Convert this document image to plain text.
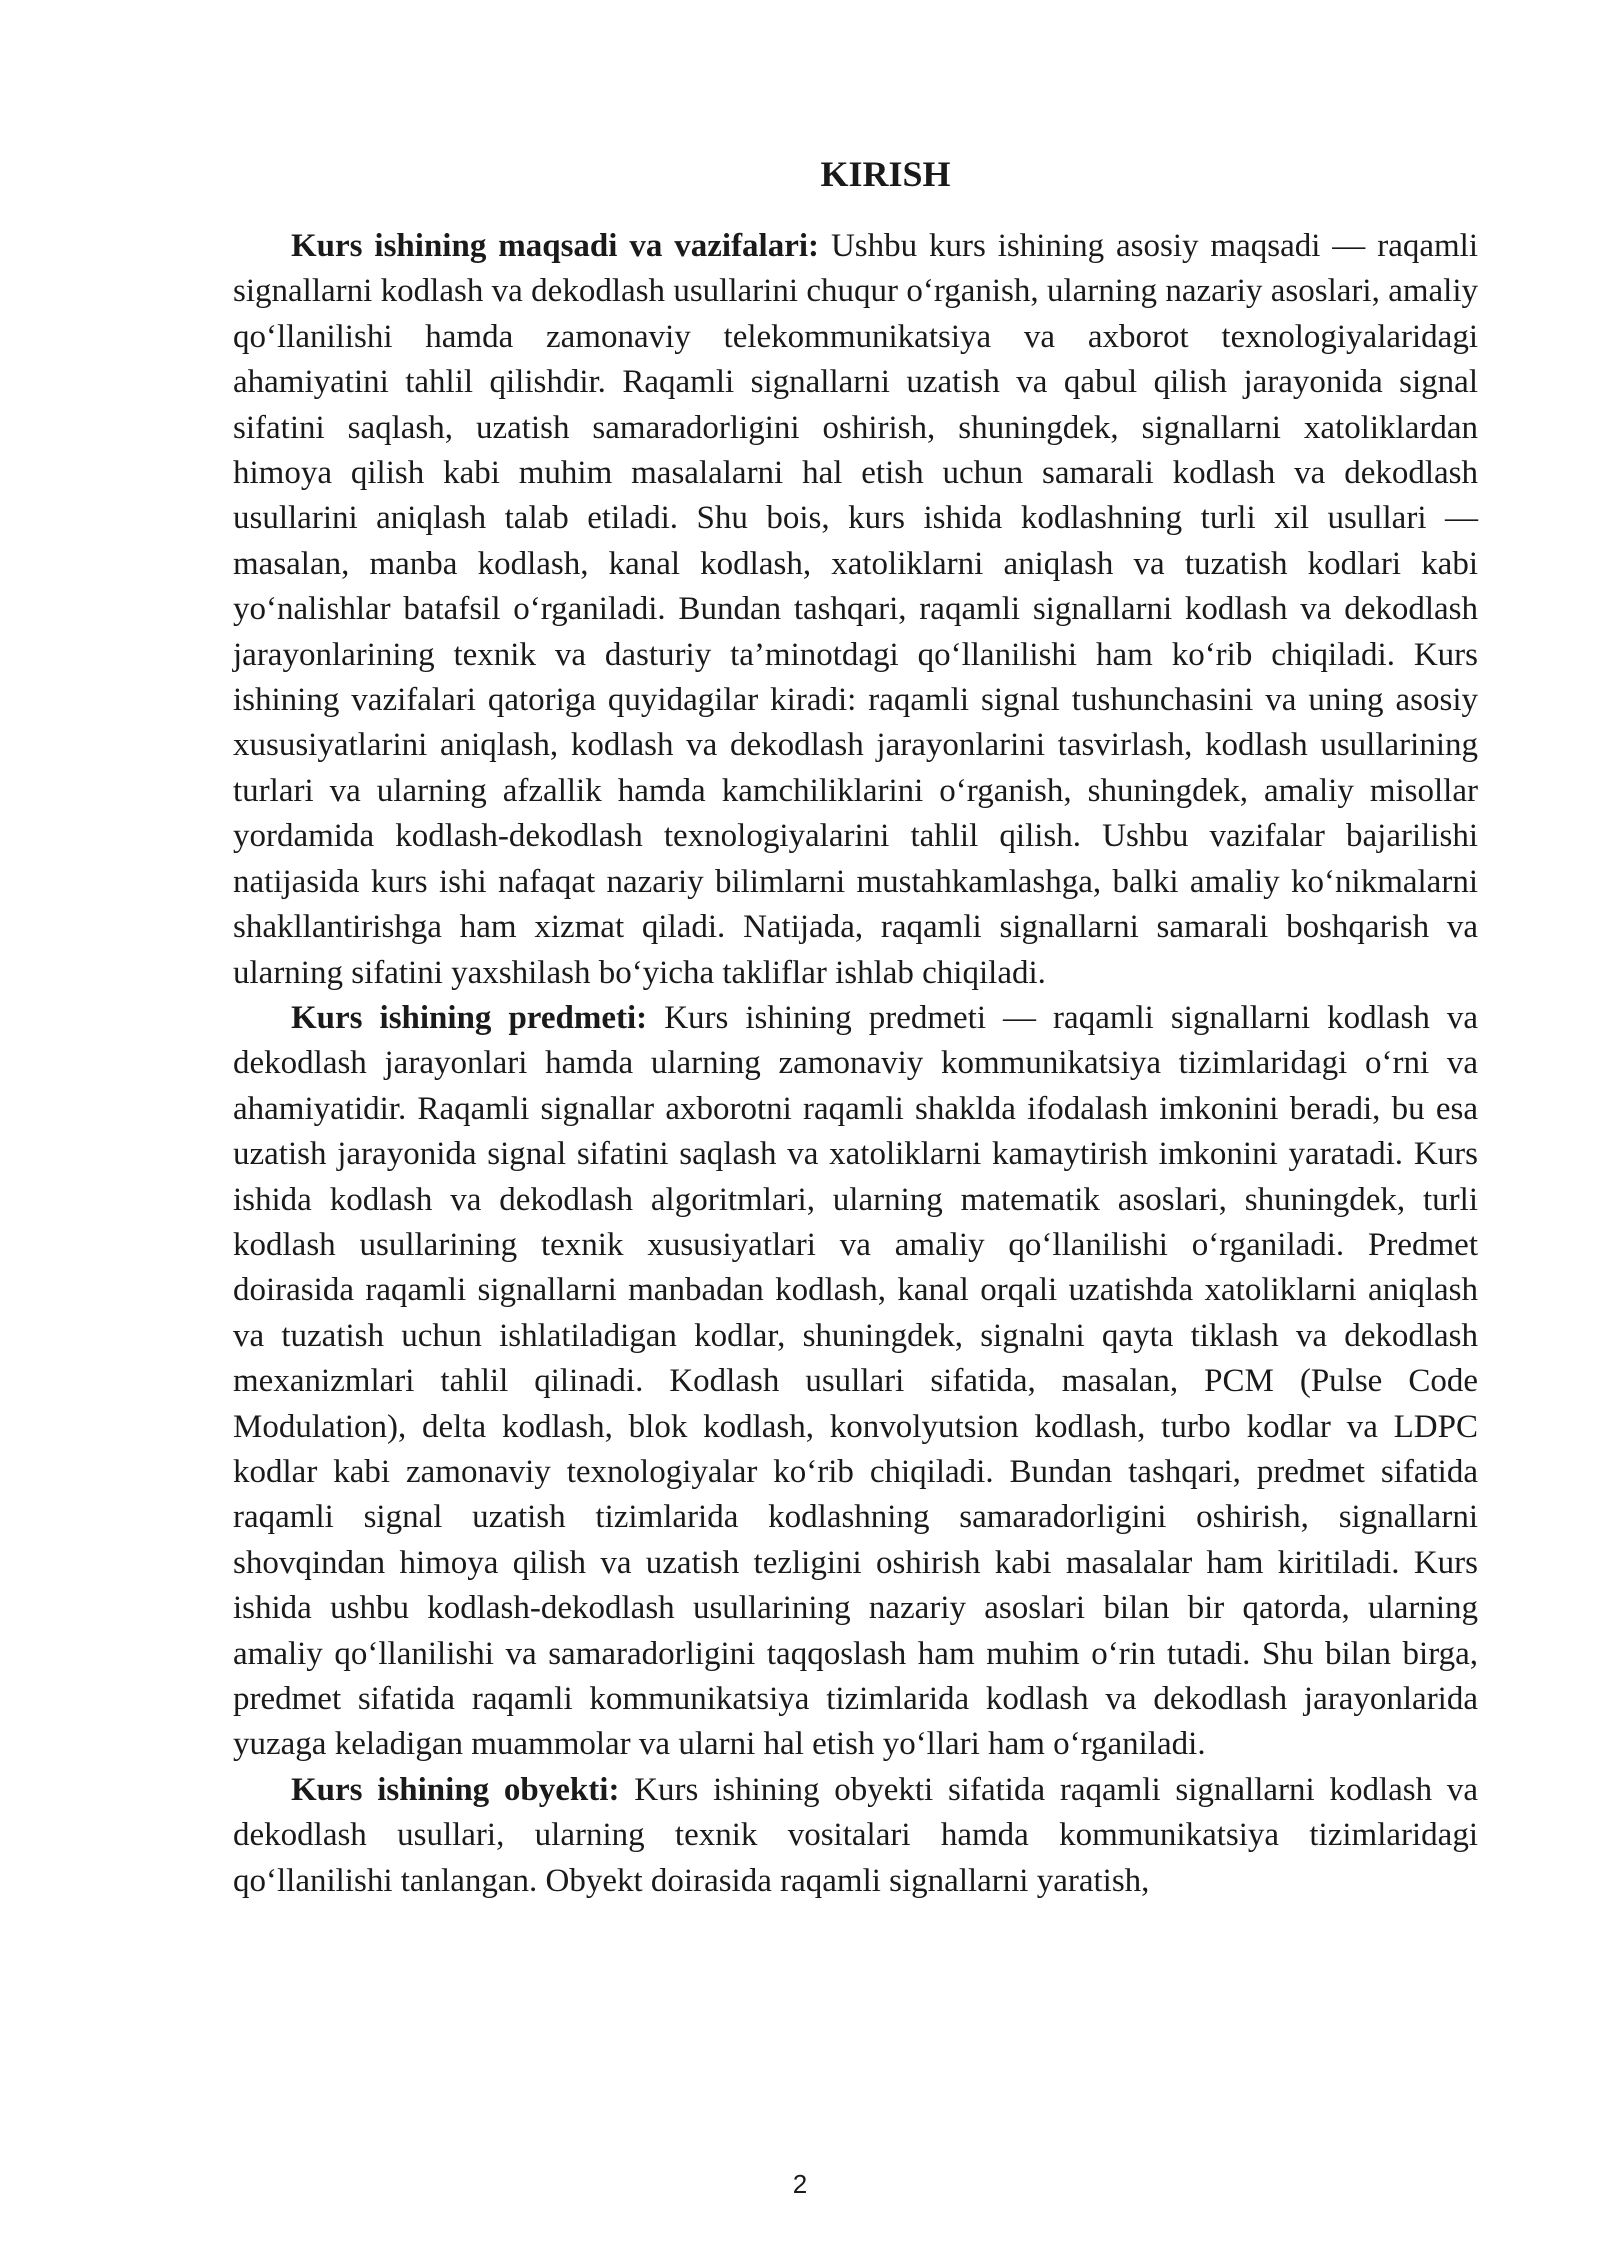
KIRISH

Kurs ishining maqsadi va vazifalari: Ushbu kurs ishining asosiy maqsadi — raqamli signallarni kodlash va dekodlash usullarini chuqur o‘rganish, ularning nazariy asoslari, amaliy qo‘llanilishi hamda zamonaviy telekommunikatsiya va axborot texnologiyalaridagi ahamiyatini tahlil qilishdir. Raqamli signallarni uzatish va qabul qilish jarayonida signal sifatini saqlash, uzatish samaradorligini oshirish, shuningdek, signallarni xatoliklardan himoya qilish kabi muhim masalalarni hal etish uchun samarali kodlash va dekodlash usullarini aniqlash talab etiladi. Shu bois, kurs ishida kodlashning turli xil usullari — masalan, manba kodlash, kanal kodlash, xatoliklarni aniqlash va tuzatish kodlari kabi yo‘nalishlar batafsil o‘rganiladi. Bundan tashqari, raqamli signallarni kodlash va dekodlash jarayonlarining texnik va dasturiy ta’minotdagi qo‘llanilishi ham ko‘rib chiqiladi. Kurs ishining vazifalari qatoriga quyidagilar kiradi: raqamli signal tushunchasini va uning asosiy xususiyatlarini aniqlash, kodlash va dekodlash jarayonlarini tasvirlash, kodlash usullarining turlari va ularning afzallik hamda kamchiliklarini o‘rganish, shuningdek, amaliy misollar yordamida kodlash-dekodlash texnologiyalarini tahlil qilish. Ushbu vazifalar bajarilishi natijasida kurs ishi nafaqat nazariy bilimlarni mustahkamlashga, balki amaliy ko‘nikmalarni shakllantirishga ham xizmat qiladi. Natijada, raqamli signallarni samarali boshqarish va ularning sifatini yaxshilash bo‘yicha takliflar ishlab chiqiladi.

Kurs ishining predmeti: Kurs ishining predmeti — raqamli signallarni kodlash va dekodlash jarayonlari hamda ularning zamonaviy kommunikatsiya tizimlaridagi o‘rni va ahamiyatidir. Raqamli signallar axborotni raqamli shaklda ifodalash imkonini beradi, bu esa uzatish jarayonida signal sifatini saqlash va xatoliklarni kamaytirish imkonini yaratadi. Kurs ishida kodlash va dekodlash algoritmlari, ularning matematik asoslari, shuningdek, turli kodlash usullarining texnik xususiyatlari va amaliy qo‘llanilishi o‘rganiladi. Predmet doirasida raqamli signallarni manbadan kodlash, kanal orqali uzatishda xatoliklarni aniqlash va tuzatish uchun ishlatiladigan kodlar, shuningdek, signalni qayta tiklash va dekodlash mexanizmlari tahlil qilinadi. Kodlash usullari sifatida, masalan, PCM (Pulse Code Modulation), delta kodlash, blok kodlash, konvolyutsion kodlash, turbo kodlar va LDPC kodlar kabi zamonaviy texnologiyalar ko‘rib chiqiladi. Bundan tashqari, predmet sifatida raqamli signal uzatish tizimlarida kodlashning samaradorligini oshirish, signallarni shovqindan himoya qilish va uzatish tezligini oshirish kabi masalalar ham kiritiladi. Kurs ishida ushbu kodlash-dekodlash usullarining nazariy asoslari bilan bir qatorda, ularning amaliy qo‘llanilishi va samaradorligini taqqoslash ham muhim o‘rin tutadi. Shu bilan birga, predmet sifatida raqamli kommunikatsiya tizimlarida kodlash va dekodlash jarayonlarida yuzaga keladigan muammolar va ularni hal etish yo‘llari ham o‘rganiladi.

Kurs ishining obyekti: Kurs ishining obyekti sifatida raqamli signallarni kodlash va dekodlash usullari, ularning texnik vositalari hamda kommunikatsiya tizimlaridagi qo‘llanilishi tanlangan. Obyekt doirasida raqamli signallarni yaratish,

2
